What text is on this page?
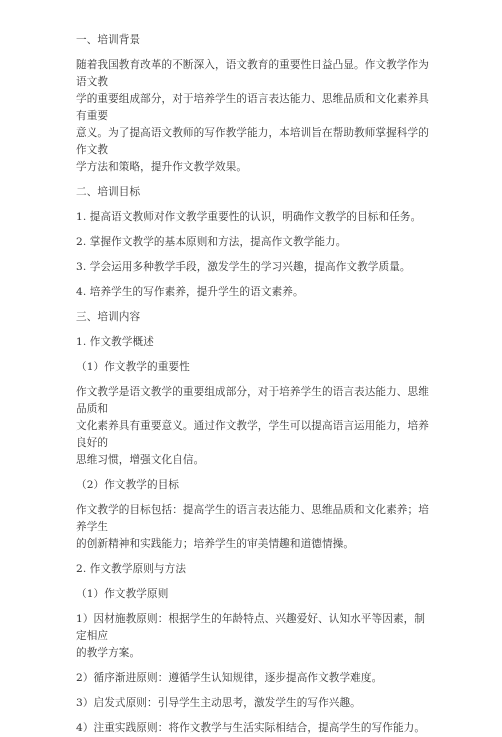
一、培训背景

随着我国教育改革的不断深入，语文教育的重要性日益凸显。作文教学作为语文教

学的重要组成部分，对于培养学生的语言表达能力、思维品质和文化素养具有重要

意义。为了提高语文教师的写作教学能力，本培训旨在帮助教师掌握科学的作文教

学方法和策略，提升作文教学效果。

二、培训目标

1. 提高语文教师对作文教学重要性的认识，明确作文教学的目标和任务。

2. 掌握作文教学的基本原则和方法，提高作文教学能力。

3. 学会运用多种教学手段，激发学生的学习兴趣，提高作文教学质量。

4. 培养学生的写作素养，提升学生的语文素养。

三、培训内容

1. 作文教学概述

（1）作文教学的重要性

作文教学是语文教学的重要组成部分，对于培养学生的语言表达能力、思维品质和

文化素养具有重要意义。通过作文教学，学生可以提高语言运用能力，培养良好的

思维习惯，增强文化自信。

（2）作文教学的目标

作文教学的目标包括：提高学生的语言表达能力、思维品质和文化素养；培养学生

的创新精神和实践能力；培养学生的审美情趣和道德情操。

2. 作文教学原则与方法

（1）作文教学原则

1）因材施教原则：根据学生的年龄特点、兴趣爱好、认知水平等因素，制定相应

的教学方案。

2）循序渐进原则：遵循学生认知规律，逐步提高作文教学难度。

3）启发式原则：引导学生主动思考，激发学生的写作兴趣。

4）注重实践原则：将作文教学与生活实际相结合，提高学生的写作能力。
